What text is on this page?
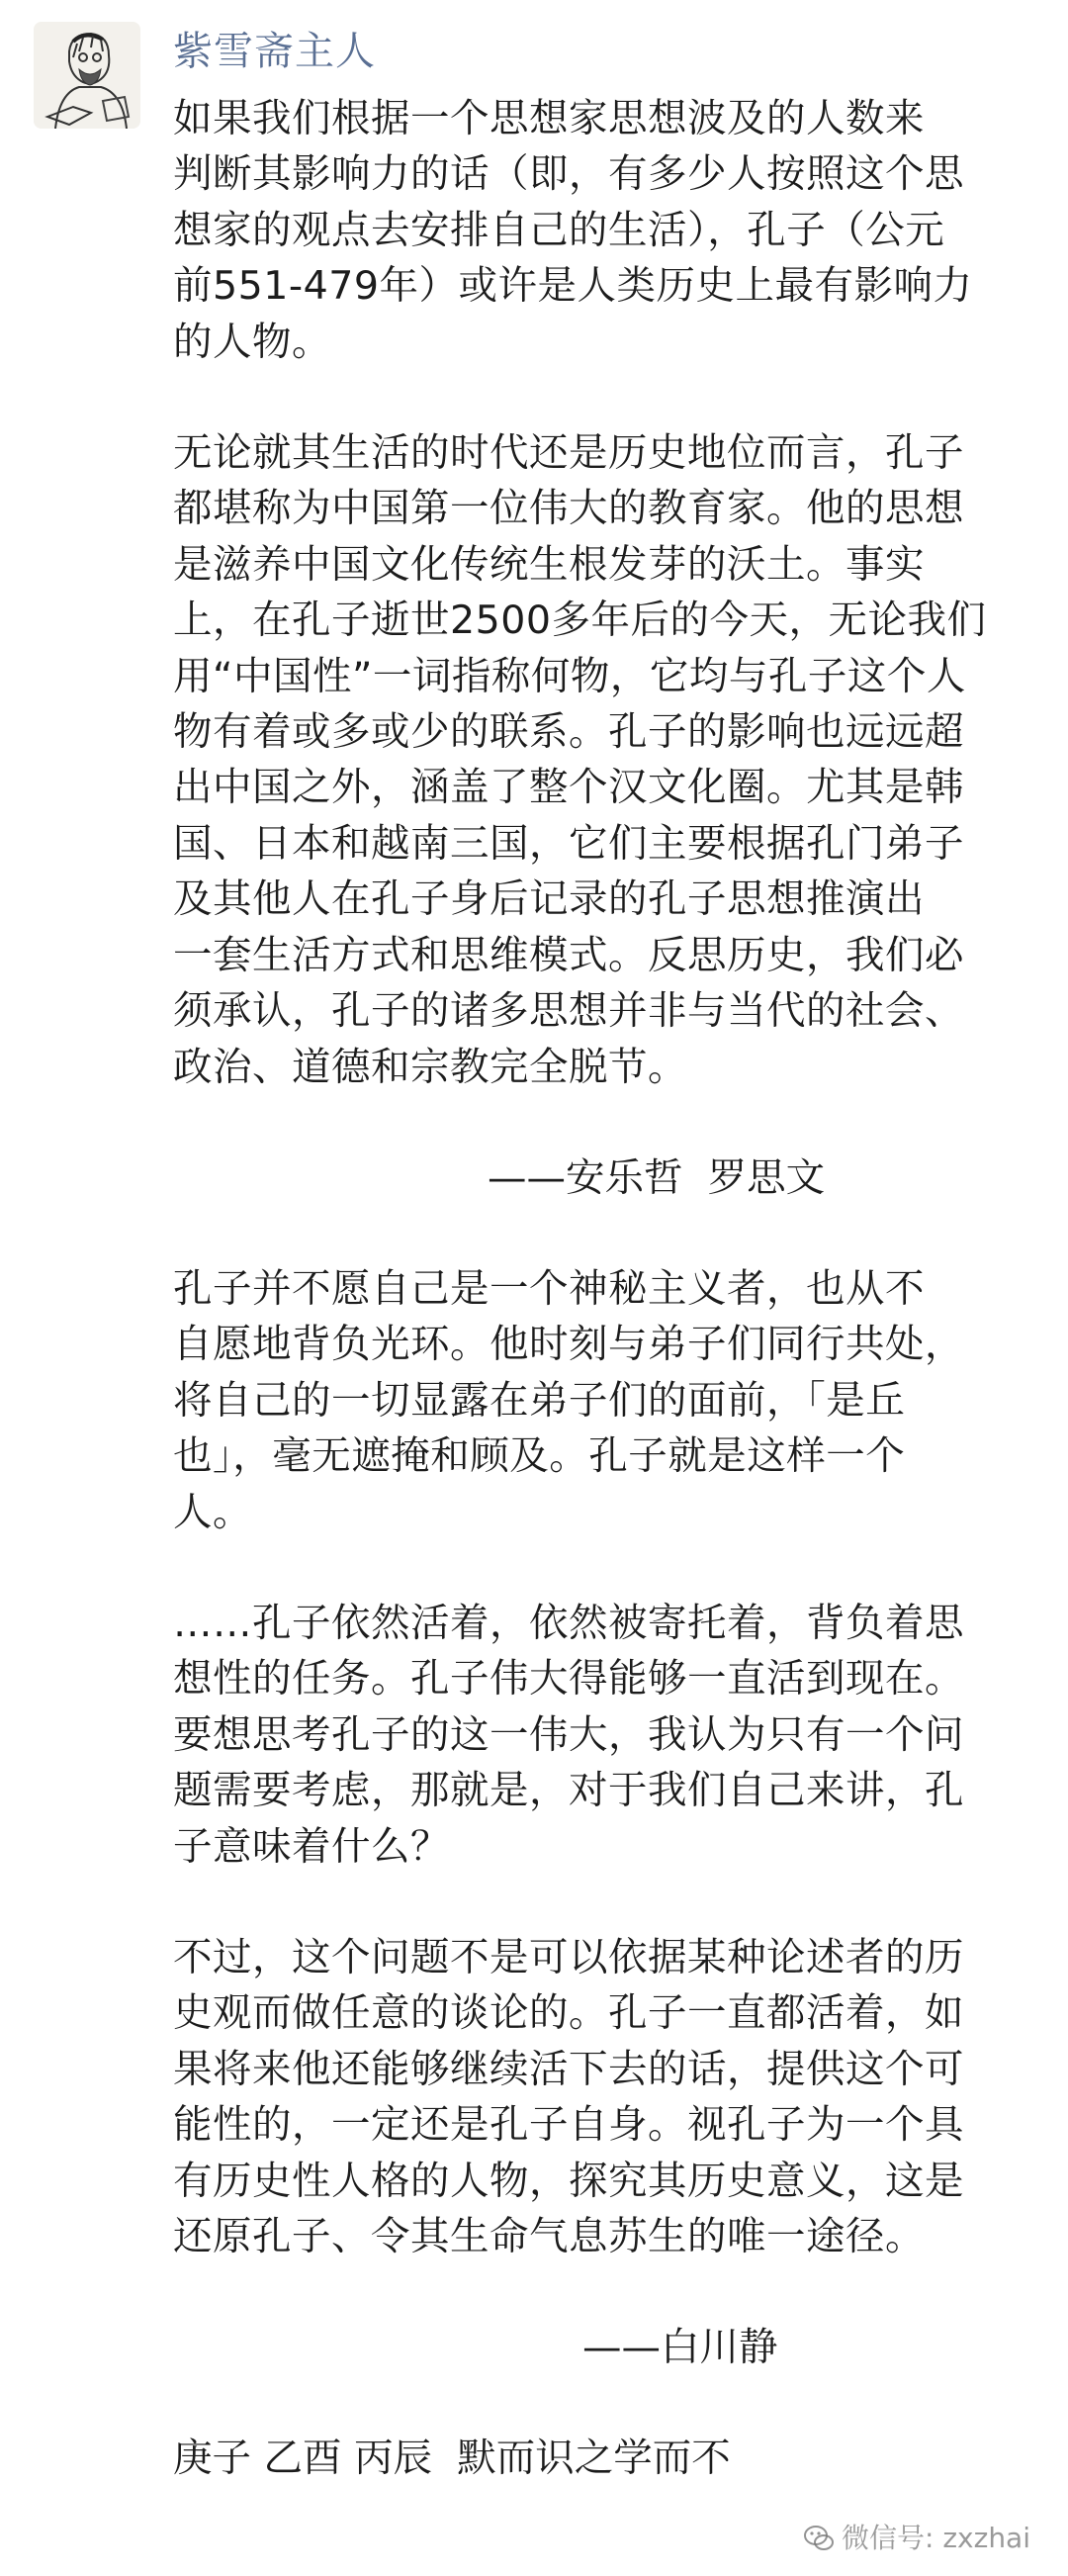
紫雪斋主人

如果我们根据一个思想家思想波及的人数来
判断其影响力的话（即，有多少人按照这个思
想家的观点去安排自己的生活），孔子（公元
前551-479年）或许是人类历史上最有影响力
的人物。

无论就其生活的时代还是历史地位而言，孔子
都堪称为中国第一位伟大的教育家。他的思想
是滋养中国文化传统生根发芽的沃土。事实
上，在孔子逝世2500多年后的今天，无论我们
用“中国性”一词指称何物，它均与孔子这个人
物有着或多或少的联系。孔子的影响也远远超
出中国之外，涵盖了整个汉文化圈。尤其是韩
国、日本和越南三国，它们主要根据孔门弟子
及其他人在孔子身后记录的孔子思想推演出
一套生活方式和思维模式。反思历史，我们必
须承认，孔子的诸多思想并非与当代的社会、
政治、道德和宗教完全脱节。

——安乐哲  罗思文

孔子并不愿自己是一个神秘主义者，也从不
自愿地背负光环。他时刻与弟子们同行共处，
将自己的一切显露在弟子们的面前，「是丘
也」，毫无遮掩和顾及。孔子就是这样一个
人。

……孔子依然活着，依然被寄托着，背负着思
想性的任务。孔子伟大得能够一直活到现在。
要想思考孔子的这一伟大，我认为只有一个问
题需要考虑，那就是，对于我们自己来讲，孔
子意味着什么？

不过，这个问题不是可以依据某种论述者的历
史观而做任意的谈论的。孔子一直都活着，如
果将来他还能够继续活下去的话，提供这个可
能性的，一定还是孔子自身。视孔子为一个具
有历史性人格的人物，探究其历史意义，这是
还原孔子、令其生命气息苏生的唯一途径。

——白川静

庚子 乙酉 丙辰  默而识之学而不

微信号: zxzhai
